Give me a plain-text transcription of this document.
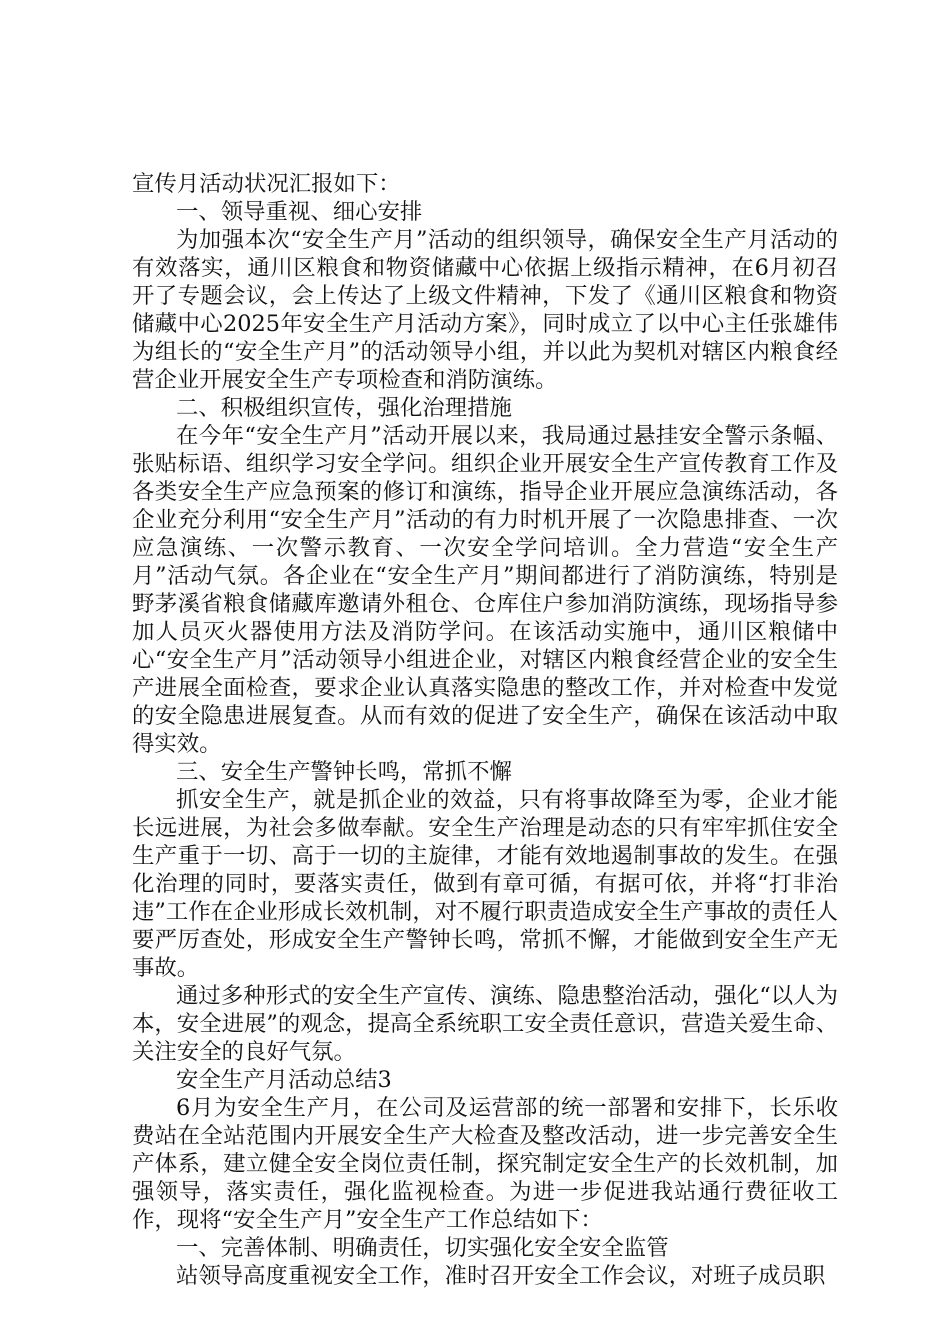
宣传月活动状况汇报如下：

一、领导重视、细心安排

为加强本次“安全生产月”活动的组织领导，确保安全生产月活动的有效落实，通川区粮食和物资储藏中心依据上级指示精神，在6月初召开了专题会议，会上传达了上级文件精神，下发了《通川区粮食和物资储藏中心2025年安全生产月活动方案》，同时成立了以中心主任张雄伟为组长的“安全生产月”的活动领导小组，并以此为契机对辖区内粮食经营企业开展安全生产专项检查和消防演练。

二、积极组织宣传，强化治理措施

在今年“安全生产月”活动开展以来，我局通过悬挂安全警示条幅、张贴标语、组织学习安全学问。组织企业开展安全生产宣传教育工作及各类安全生产应急预案的修订和演练，指导企业开展应急演练活动，各企业充分利用“安全生产月”活动的有力时机开展了一次隐患排查、一次应急演练、一次警示教育、一次安全学问培训。全力营造“安全生产月”活动气氛。各企业在“安全生产月”期间都进行了消防演练，特别是野茅溪省粮食储藏库邀请外租仓、仓库住户参加消防演练，现场指导参加人员灭火器使用方法及消防学问。在该活动实施中，通川区粮储中心“安全生产月”活动领导小组进企业，对辖区内粮食经营企业的安全生产进展全面检查，要求企业认真落实隐患的整改工作，并对检查中发觉的安全隐患进展复查。从而有效的促进了安全生产，确保在该活动中取得实效。

三、安全生产警钟长鸣，常抓不懈

抓安全生产，就是抓企业的效益，只有将事故降至为零，企业才能长远进展，为社会多做奉献。安全生产治理是动态的只有牢牢抓住安全生产重于一切、高于一切的主旋律，才能有效地遏制事故的发生。在强化治理的同时，要落实责任，做到有章可循，有据可依，并将“打非治违”工作在企业形成长效机制，对不履行职责造成安全生产事故的责任人要严厉查处，形成安全生产警钟长鸣，常抓不懈，才能做到安全生产无事故。

通过多种形式的安全生产宣传、演练、隐患整治活动，强化“以人为本，安全进展”的观念，提高全系统职工安全责任意识，营造关爱生命、关注安全的良好气氛。

安全生产月活动总结3

6月为安全生产月，在公司及运营部的统一部署和安排下，长乐收费站在全站范围内开展安全生产大检查及整改活动，进一步完善安全生产体系，建立健全安全岗位责任制，探究制定安全生产的长效机制，加强领导，落实责任，强化监视检查。为进一步促进我站通行费征收工作，现将“安全生产月”安全生产工作总结如下：

一、完善体制、明确责任，切实强化安全安全监管

站领导高度重视安全工作，准时召开安全工作会议，对班子成员职
